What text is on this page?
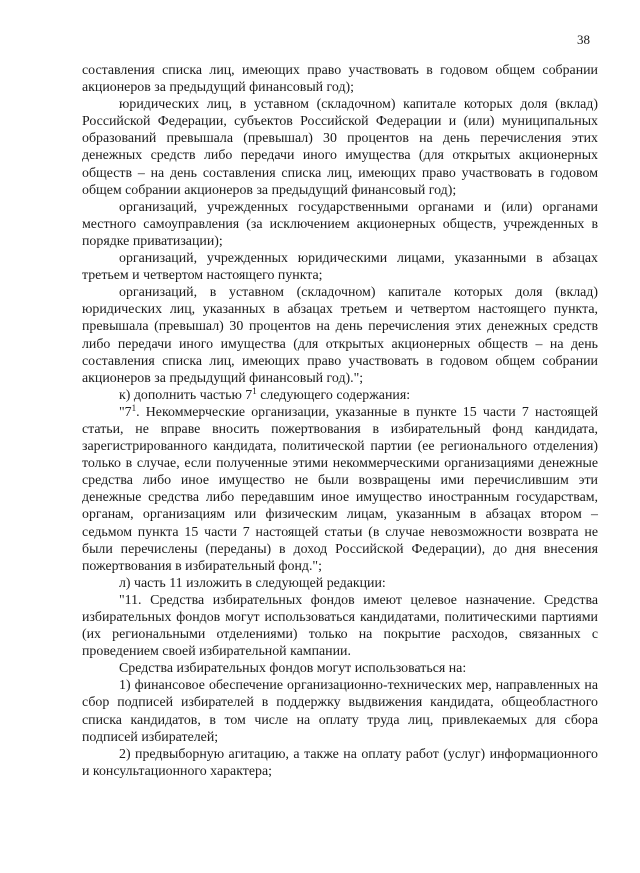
38

составления списка лиц, имеющих право участвовать в годовом общем собрании акционеров за предыдущий финансовый год);

юридических лиц, в уставном (складочном) капитале которых доля (вклад) Российской Федерации, субъектов Российской Федерации и (или) муниципальных образований превышала (превышал) 30 процентов на день перечисления этих денежных средств либо передачи иного имущества (для открытых акционерных обществ – на день составления списка лиц, имеющих право участвовать в годовом общем собрании акционеров за предыдущий финансовый год);

организаций, учрежденных государственными органами и (или) органами местного самоуправления (за исключением акционерных обществ, учрежденных в порядке приватизации);

организаций, учрежденных юридическими лицами, указанными в абзацах третьем и четвертом настоящего пункта;

организаций, в уставном (складочном) капитале которых доля (вклад) юридических лиц, указанных в абзацах третьем и четвертом настоящего пункта, превышала (превышал) 30 процентов на день перечисления этих денежных средств либо передачи иного имущества (для открытых акционерных обществ – на день составления списка лиц, имеющих право участвовать в годовом общем собрании акционеров за предыдущий финансовый год).";

к) дополнить частью $7^1$ следующего содержания:

"$7^1$. Некоммерческие организации, указанные в пункте 15 части 7 настоящей статьи, не вправе вносить пожертвования в избирательный фонд кандидата, зарегистрированного кандидата, политической партии (ее регионального отделения) только в случае, если полученные этими некоммерческими организациями денежные средства либо иное имущество не были возвращены ими перечислившим эти денежные средства либо передавшим иное имущество иностранным государствам, органам, организациям или физическим лицам, указанным в абзацах втором – седьмом пункта 15 части 7 настоящей статьи (в случае невозможности возврата не были перечислены (переданы) в доход Российской Федерации), до дня внесения пожертвования в избирательный фонд.";

л) часть 11 изложить в следующей редакции:

"11. Средства избирательных фондов имеют целевое назначение. Средства избирательных фондов могут использоваться кандидатами, политическими партиями (их региональными отделениями) только на покрытие расходов, связанных с проведением своей избирательной кампании.

Средства избирательных фондов могут использоваться на:

1) финансовое обеспечение организационно-технических мер, направленных на сбор подписей избирателей в поддержку выдвижения кандидата, общеобластного списка кандидатов, в том числе на оплату труда лиц, привлекаемых для сбора подписей избирателей;

2) предвыборную агитацию, а также на оплату работ (услуг) информационного и консультационного характера;
